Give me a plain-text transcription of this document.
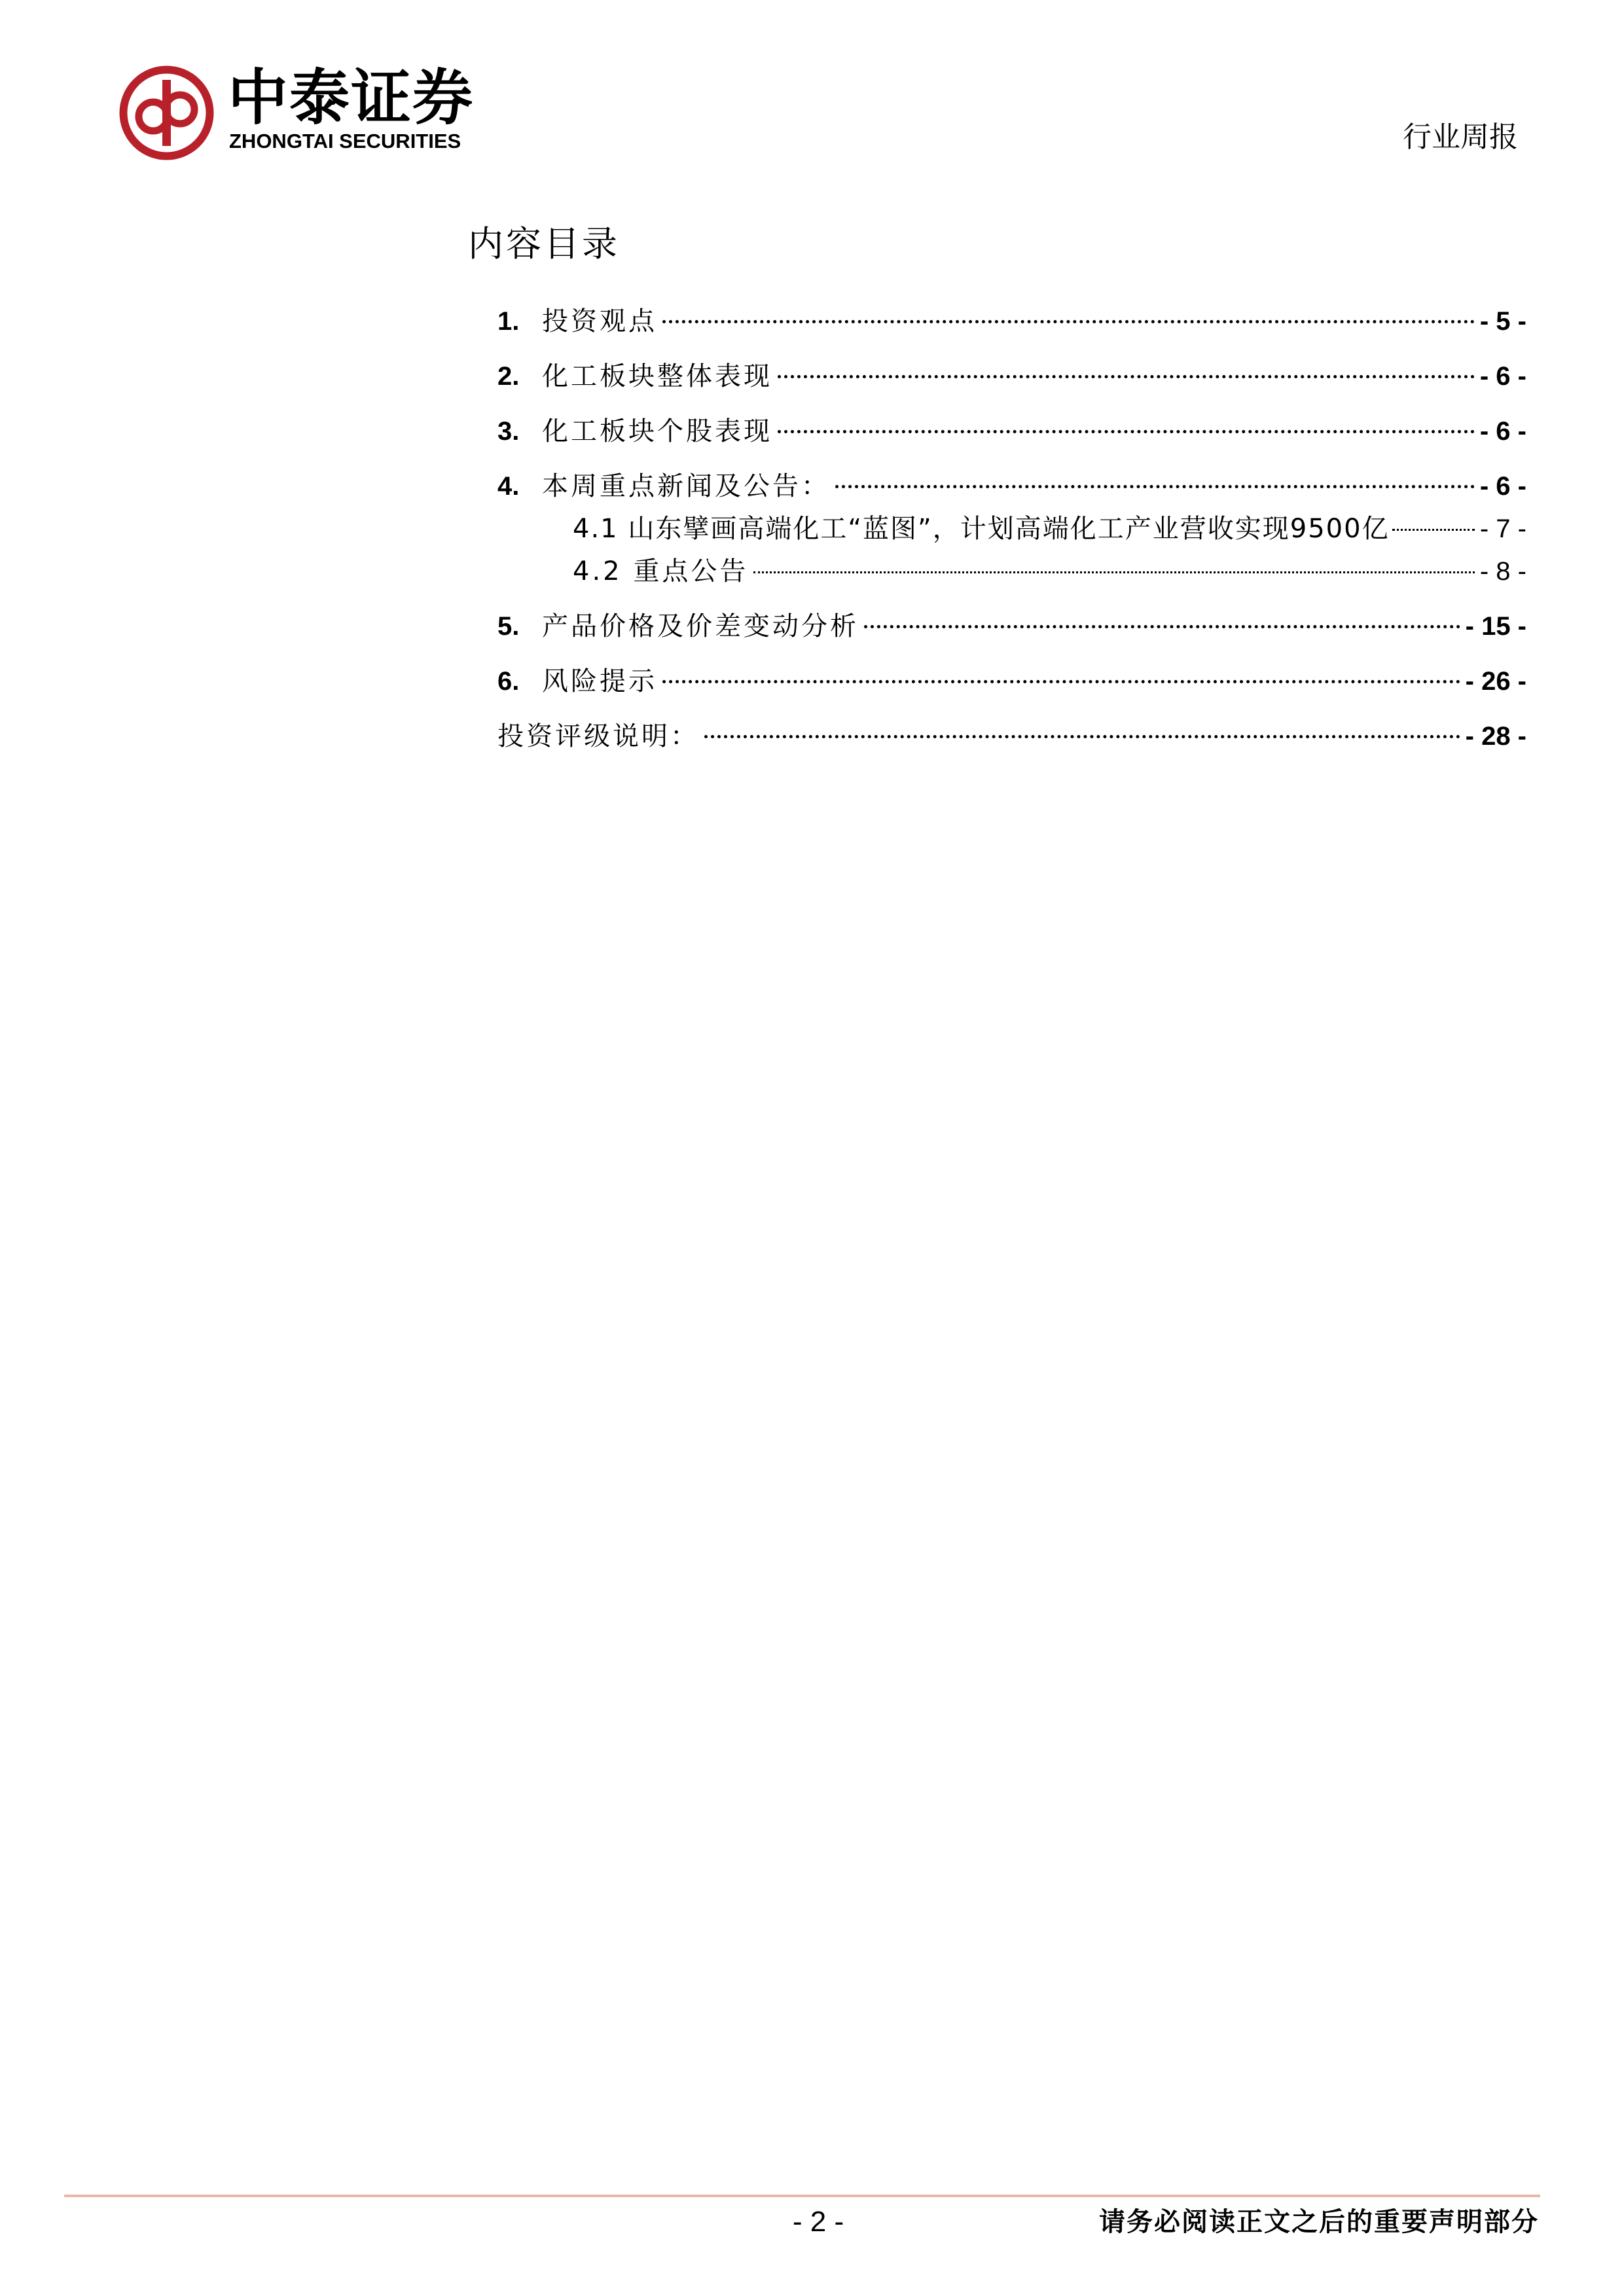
中泰证券
ZHONGTAI SECURITIES	行业周报
内容目录
1. 投资观点	- 5 -
2. 化工板块整体表现	- 6 -
3. 化工板块个股表现	- 6 -
4. 本周重点新闻及公告：	- 6 -
4.1 山东擘画高端化工“蓝图”，计划高端化工产业营收实现9500亿	- 7 -
4.2 重点公告	- 8 -
5. 产品价格及价差变动分析	- 15 -
6. 风险提示	- 26 -
投资评级说明：	- 28 -
- 2 -	请务必阅读正文之后的重要声明部分
